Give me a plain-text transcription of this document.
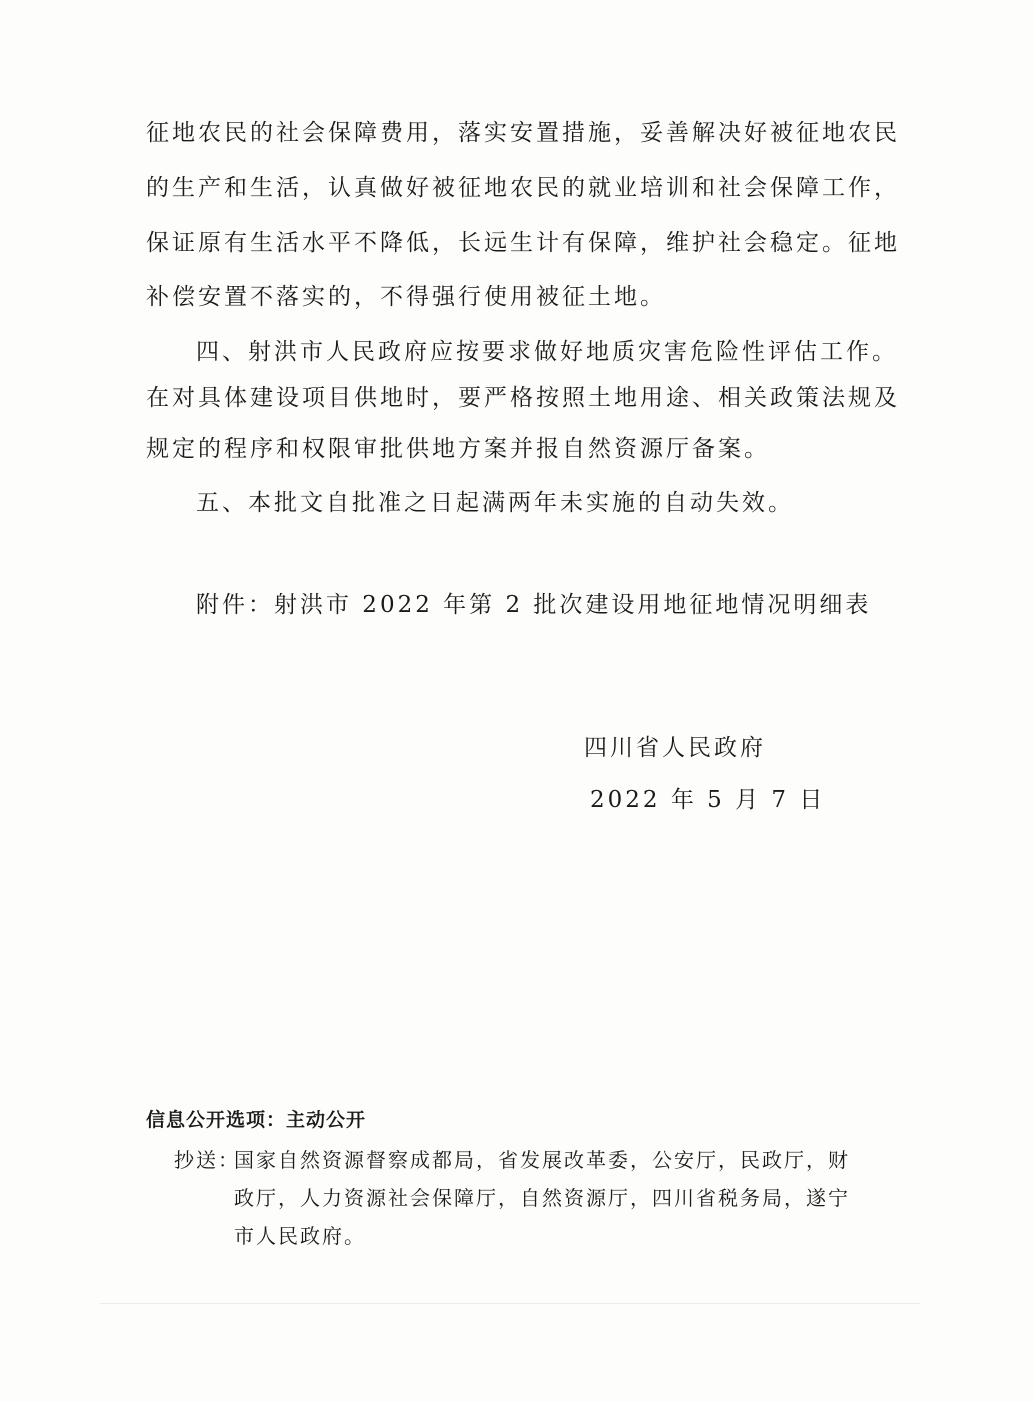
征地农民的社会保障费用，落实安置措施，妥善解决好被征地农民
的生产和生活，认真做好被征地农民的就业培训和社会保障工作，
保证原有生活水平不降低，长远生计有保障，维护社会稳定。征地
补偿安置不落实的，不得强行使用被征土地。
四、射洪市人民政府应按要求做好地质灾害危险性评估工作。
在对具体建设项目供地时，要严格按照土地用途、相关政策法规及
规定的程序和权限审批供地方案并报自然资源厅备案。
五、本批文自批准之日起满两年未实施的自动失效。
附件：射洪市 2022 年第 2 批次建设用地征地情况明细表
四川省人民政府
2022 年 5 月 7 日
信息公开选项：主动公开
抄送：
国家自然资源督察成都局，省发展改革委，公安厅，民政厅，财
政厅，人力资源社会保障厅，自然资源厅，四川省税务局，遂宁
市人民政府。
